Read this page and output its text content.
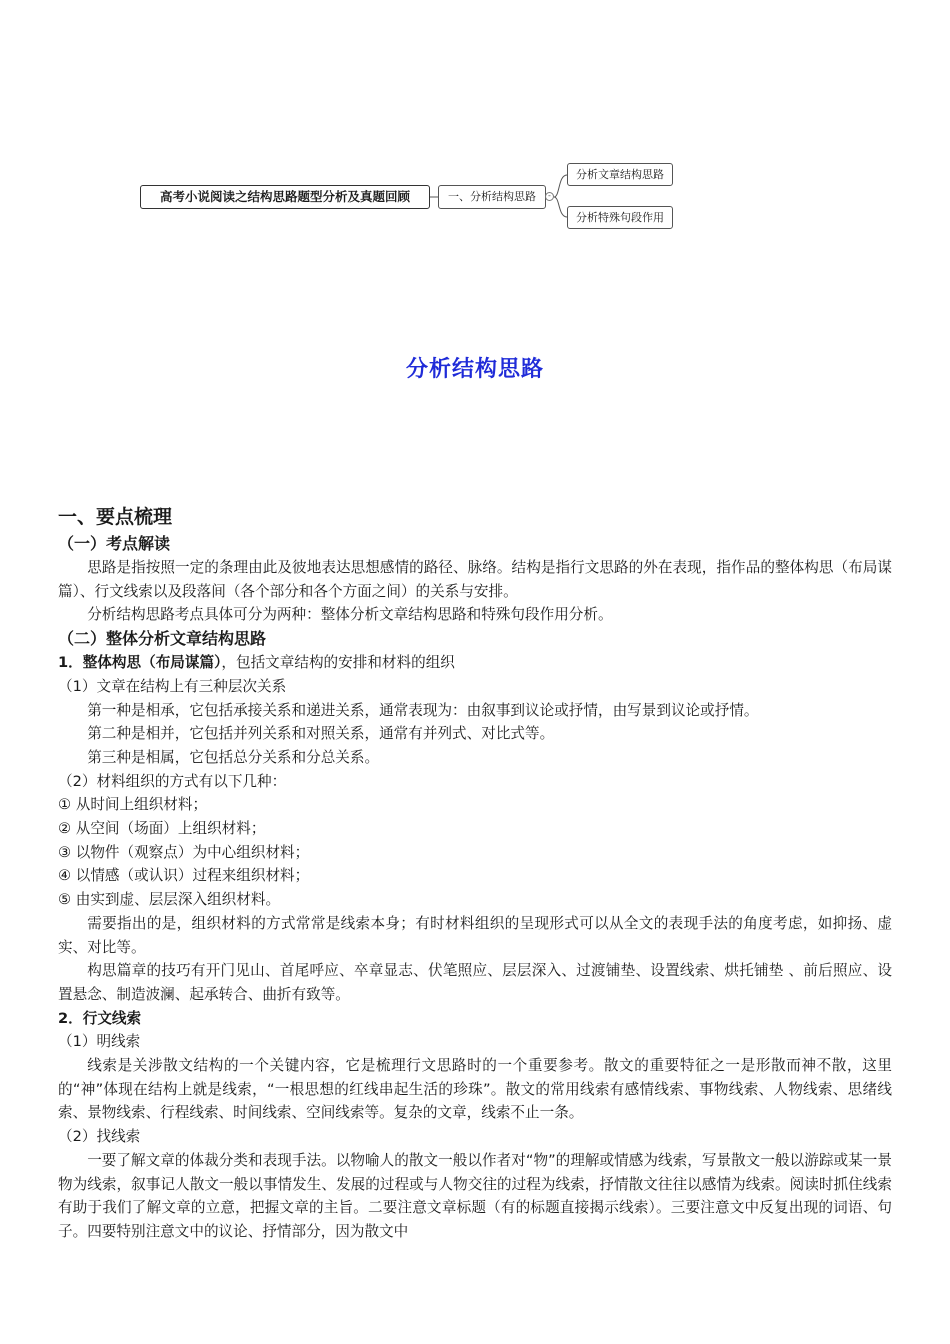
高考小说阅读之结构思路题型分析及真题回顾	一、分析结构思路	-
分析文章结构思路
分析特殊句段作用
分析结构思路

一、要点梳理

（一）考点解读

思路是指按照一定的条理由此及彼地表达思想感情的路径、脉络。结构是指行文思路的外在表现，指作品的整体构思（布局谋篇）、行文线索以及段落间（各个部分和各个方面之间）的关系与安排。

分析结构思路考点具体可分为两种：整体分析文章结构思路和特殊句段作用分析。

（二）整体分析文章结构思路

1．整体构思（布局谋篇），包括文章结构的安排和材料的组织

（1）文章在结构上有三种层次关系

第一种是相承，它包括承接关系和递进关系，通常表现为：由叙事到议论或抒情，由写景到议论或抒情。

第二种是相并，它包括并列关系和对照关系，通常有并列式、对比式等。

第三种是相属，它包括总分关系和分总关系。

（2）材料组织的方式有以下几种：

① 从时间上组织材料；

② 从空间（场面）上组织材料；

③ 以物件（观察点）为中心组织材料；

④ 以情感（或认识）过程来组织材料；

⑤ 由实到虚、层层深入组织材料。

需要指出的是，组织材料的方式常常是线索本身；有时材料组织的呈现形式可以从全文的表现手法的角度考虑，如抑扬、虚实、对比等。

构思篇章的技巧有开门见山、首尾呼应、卒章显志、伏笔照应、层层深入、过渡铺垫、设置线索、烘托铺垫 、前后照应、设置悬念、制造波澜、起承转合、曲折有致等。

2．行文线索

（1）明线索

线索是关涉散文结构的一个关键内容，它是梳理行文思路时的一个重要参考。散文的重要特征之一是形散而神不散，这里的“神”体现在结构上就是线索，“一根思想的红线串起生活的珍珠”。散文的常用线索有感情线索、事物线索、人物线索、思绪线索、景物线索、行程线索、时间线索、空间线索等。复杂的文章，线索不止一条。

（2）找线索

一要了解文章的体裁分类和表现手法。以物喻人的散文一般以作者对“物”的理解或情感为线索，写景散文一般以游踪或某一景物为线索，叙事记人散文一般以事情发生、发展的过程或与人物交往的过程为线索，抒情散文往往以感情为线索。阅读时抓住线索有助于我们了解文章的立意，把握文章的主旨。二要注意文章标题（有的标题直接揭示线索）。三要注意文中反复出现的词语、句子。四要特别注意文中的议论、抒情部分，因为散文中
